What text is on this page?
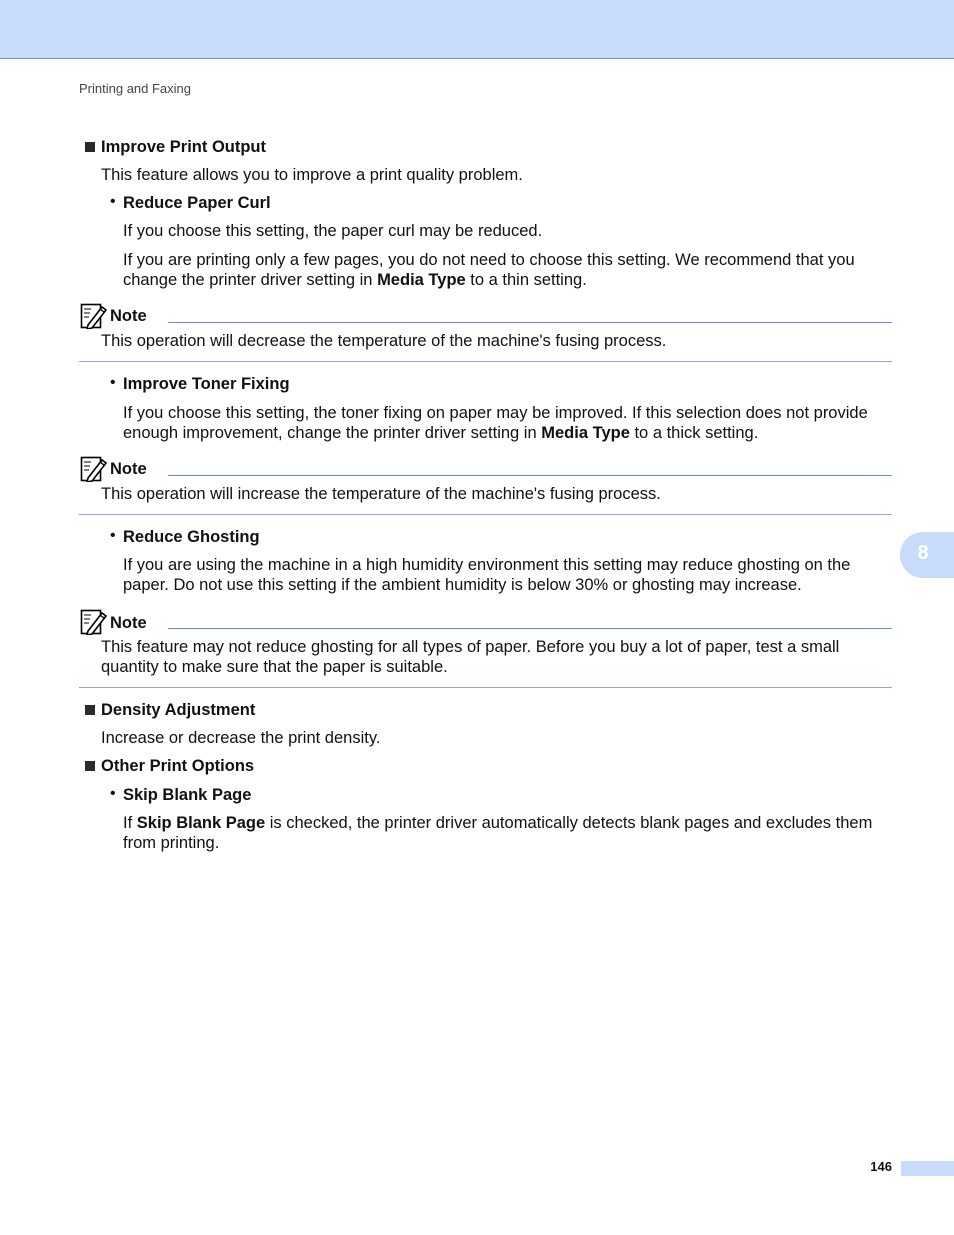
Printing and Faxing
Improve Print Output
This feature allows you to improve a print quality problem.
• Reduce Paper Curl
If you choose this setting, the paper curl may be reduced.
If you are printing only a few pages, you do not need to choose this setting. We recommend that you
change the printer driver setting in Media Type to a thin setting.
Note
This operation will decrease the temperature of the machine's fusing process.
• Improve Toner Fixing
If you choose this setting, the toner fixing on paper may be improved. If this selection does not provide
enough improvement, change the printer driver setting in Media Type to a thick setting.
Note
This operation will increase the temperature of the machine's fusing process.
• Reduce Ghosting
If you are using the machine in a high humidity environment this setting may reduce ghosting on the
paper. Do not use this setting if the ambient humidity is below 30% or ghosting may increase.
Note
This feature may not reduce ghosting for all types of paper. Before you buy a lot of paper, test a small
quantity to make sure that the paper is suitable.
Density Adjustment
Increase or decrease the print density.
Other Print Options
• Skip Blank Page
If Skip Blank Page is checked, the printer driver automatically detects blank pages and excludes them
from printing.
8
146
